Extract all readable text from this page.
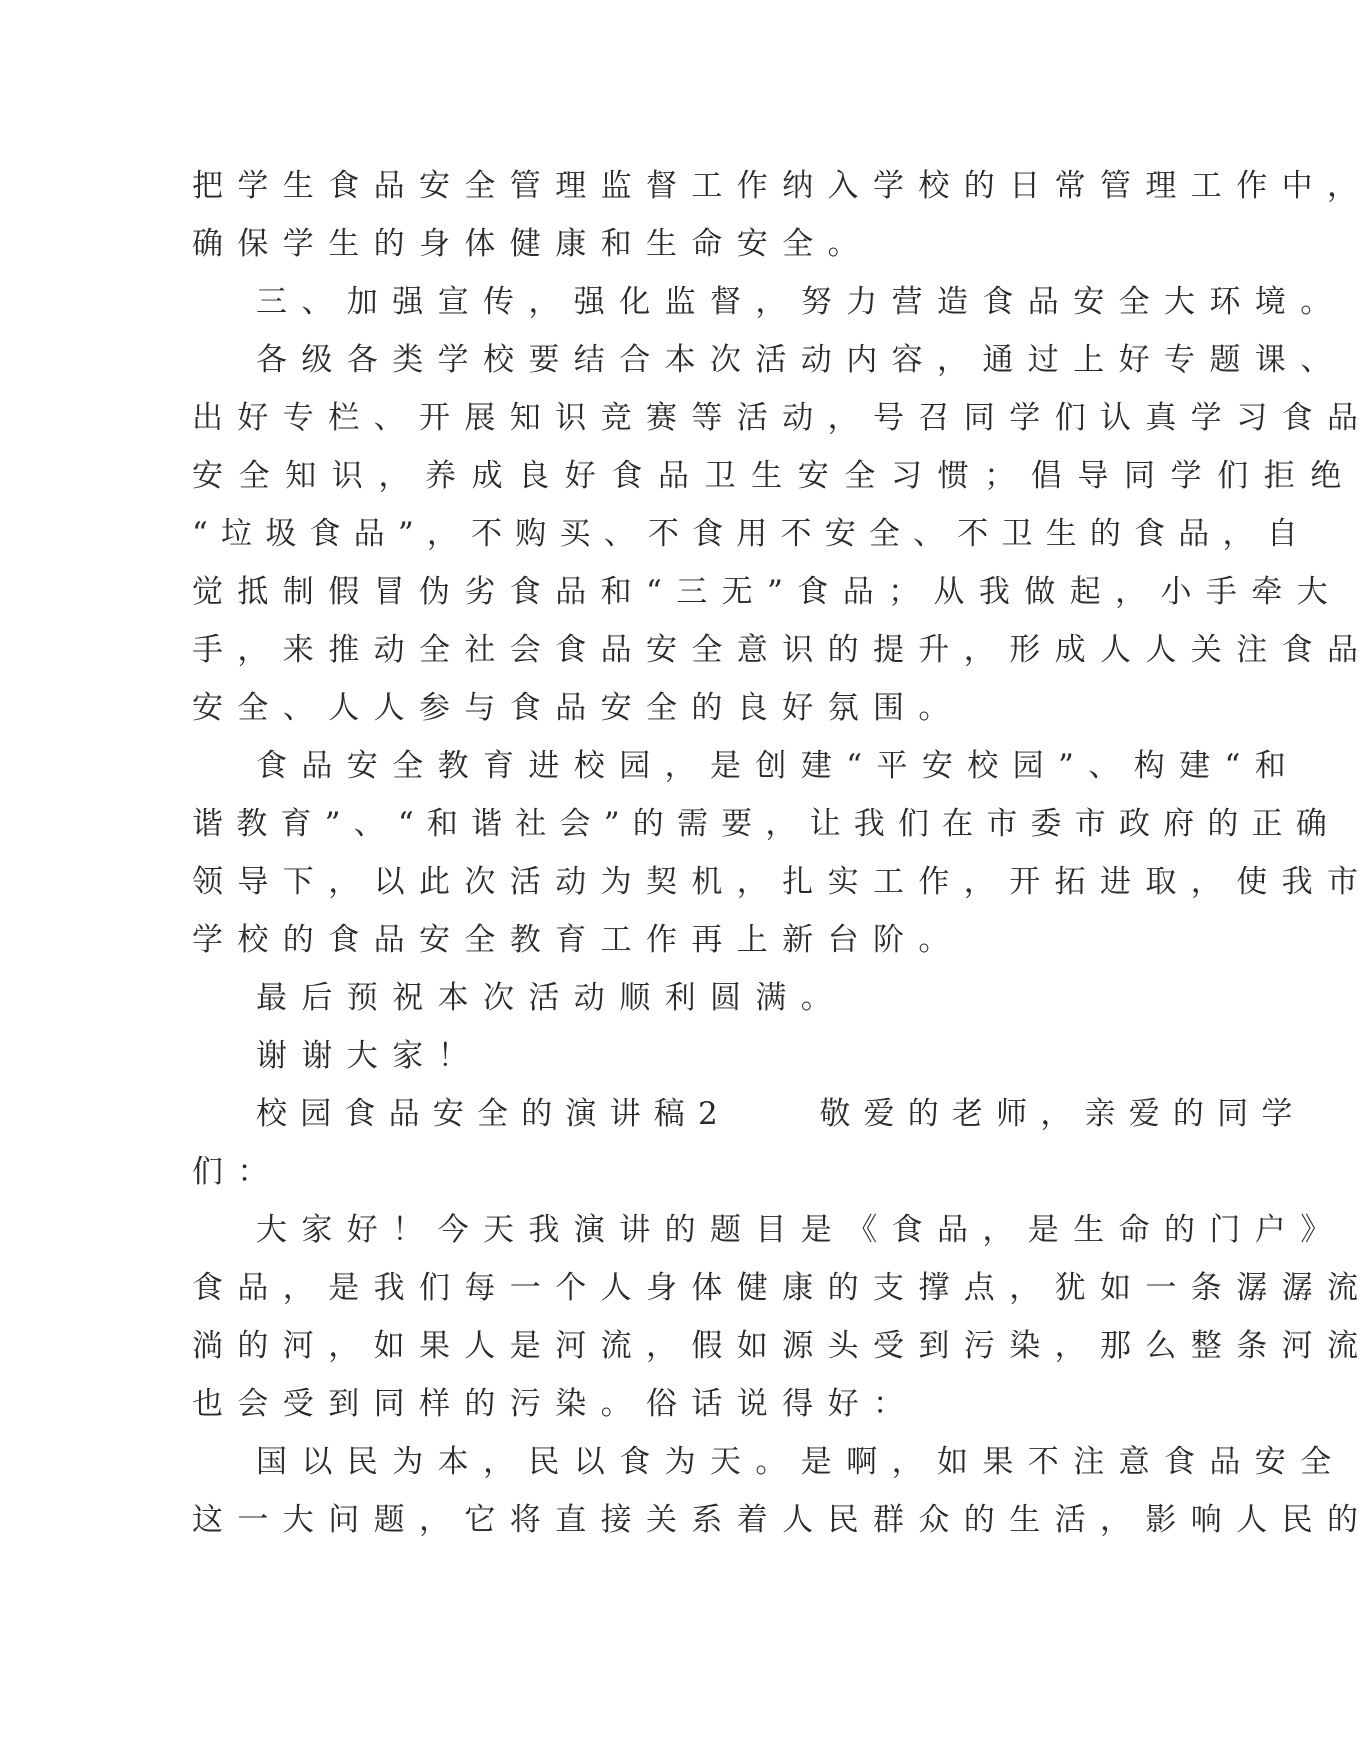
把学生食品安全管理监督工作纳入学校的日常管理工作中，
确保学生的身体健康和生命安全。
三、加强宣传，强化监督，努力营造食品安全大环境。
各级各类学校要结合本次活动内容，通过上好专题课、
出好专栏、开展知识竞赛等活动，号召同学们认真学习食品
安全知识，养成良好食品卫生安全习惯；倡导同学们拒绝
“垃圾食品”，不购买、不食用不安全、不卫生的食品，自
觉抵制假冒伪劣食品和“三无”食品；从我做起，小手牵大
手，来推动全社会食品安全意识的提升，形成人人关注食品
安全、人人参与食品安全的良好氛围。
食品安全教育进校园，是创建“平安校园”、构建“和
谐教育”、“和谐社会”的需要，让我们在市委市政府的正确
领导下，以此次活动为契机，扎实工作，开拓进取，使我市
学校的食品安全教育工作再上新台阶。
最后预祝本次活动顺利圆满。
谢谢大家！
校园食品安全的演讲稿2　　敬爱的老师，亲爱的同学
们：
大家好！今天我演讲的题目是《食品，是生命的门户》
食品，是我们每一个人身体健康的支撑点，犹如一条潺潺流
淌的河，如果人是河流，假如源头受到污染，那么整条河流
也会受到同样的污染。俗话说得好：
国以民为本，民以食为天。是啊，如果不注意食品安全
这一大问题，它将直接关系着人民群众的生活，影响人民的
